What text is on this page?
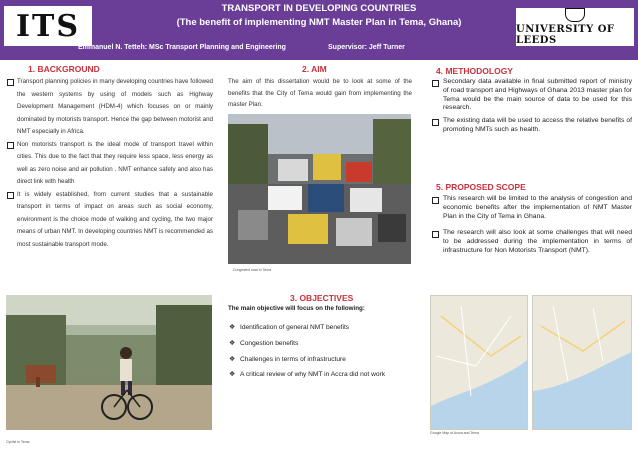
ITS	TRANSPORT IN DEVELOPING COUNTRIES
(The benefit of implementing NMT Master Plan in Tema, Ghana)
Emmanuel N. Tetteh: MSc Transport Planning and Engineering	Supervisor: Jeff Turner
UNIVERSITY OF LEEDS
1. BACKGROUND
Transport planning policies in many developing countries have followed the western systems by using of models such as Highway Development Management (HDM-4) which focuses on or mainly dominated by motorists transport. Hence the gap between motorist and NMT especially in Africa.
Non motorists transport is the ideal mode of transport travel within cities. This due to the fact that they require less space, less energy as well as zero noise and air pollution . NMT enhance safety and also has direct link with health
It is widely established, from current studies that a sustainable transport in terms of impact on areas such as social economy, environment is the choice mode of walking and cycling, the two major means of urban NMT. In developing countries NMT is recommended as most sustainable transport mode.
Cyclist in Tema
2. AIM
The aim of this dissertation would be to look at some of the benefits that the City of Tema would gain from implementing the master Plan.
Congested road in Tema
3. OBJECTIVES
The main objective will focus on the following:
❖ Identification of general NMT benefits
❖ Congestion benefits
❖ Challenges in terms of infrastructure
❖ A critical review of why NMT in Accra did not work
4. METHODOLOGY
Secondary data available in final submitted report of ministry of road transport and Highways of Ghana 2013 master plan for Tema would be the main source of data to be used for this research.
The existing data will be used to access the relative benefits of promoting NMTs such as health.
5. PROPOSED SCOPE
This research will be limited to the analysis of congestion and economic benefits after the implementation of NMT Master Plan in the City of Tema in Ghana.
The research will also look at some challenges that will need to be addressed during the implementation in terms of infrastructure for Non Motorists Transport (NMT).
Google Map of Accra and Tema
